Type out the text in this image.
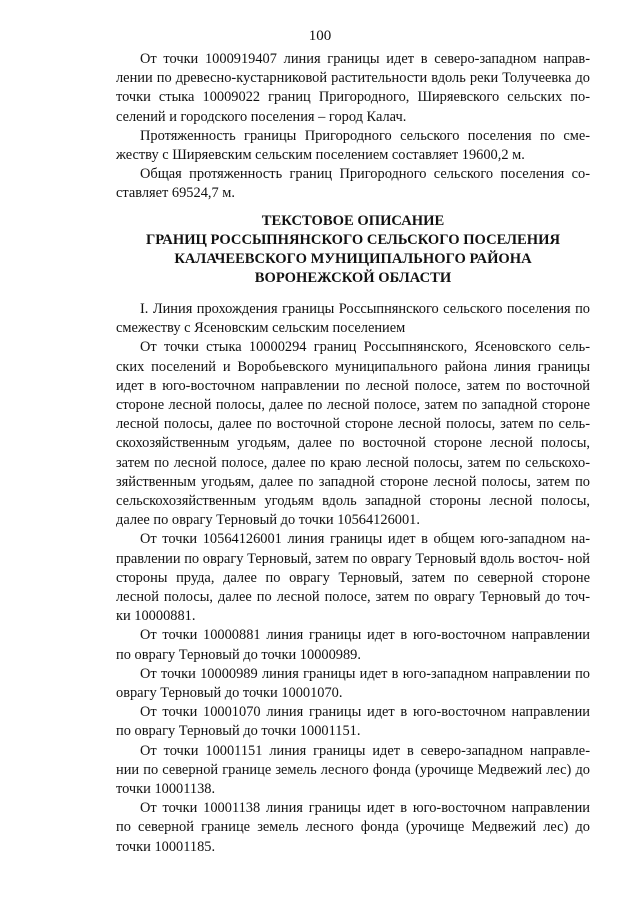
100

От точки 1000919407 линия границы идет в северо-западном направ- лении по древесно-кустарниковой растительности вдоль реки Толучеевка до точки стыка 10009022 границ Пригородного, Ширяевского сельских по- селений и городского поселения – город Калач.

Протяженность границы Пригородного сельского поселения по сме- жеству с Ширяевским сельским поселением составляет 19600,2 м.

Общая протяженность границ Пригородного сельского поселения со- ставляет 69524,7 м.

ТЕКСТОВОЕ ОПИСАНИЕ
ГРАНИЦ РОССЫПНЯНСКОГО СЕЛЬСКОГО ПОСЕЛЕНИЯ
КАЛАЧЕЕВСКОГО МУНИЦИПАЛЬНОГО РАЙОНА
ВОРОНЕЖСКОЙ ОБЛАСТИ

I. Линия прохождения границы Россыпнянского сельского поселения по смежеству с Ясеновским сельским поселением

От точки стыка 10000294 границ Россыпнянского, Ясеновского сель- ских поселений и Воробьевского муниципального района линия границы идет в юго-восточном направлении по лесной полосе, затем по восточной стороне лесной полосы, далее по лесной полосе, затем по западной стороне лесной полосы, далее по восточной стороне лесной полосы, затем по сель- скохозяйственным угодьям, далее по восточной стороне лесной полосы, затем по лесной полосе, далее по краю лесной полосы, затем по сельскохо- зяйственным угодьям, далее по западной стороне лесной полосы, затем по сельскохозяйственным угодьям вдоль западной стороны лесной полосы, далее по оврагу Терновый до точки 10564126001.

От точки 10564126001 линия границы идет в общем юго-западном на- правлении по оврагу Терновый, затем по оврагу Терновый вдоль восточ- ной стороны пруда, далее по оврагу Терновый, затем по северной стороне лесной полосы, далее по лесной полосе, затем по оврагу Терновый до точ- ки 10000881.

От точки 10000881 линия границы идет в юго-восточном направлении по оврагу Терновый до точки 10000989.

От точки 10000989 линия границы идет в юго-западном направлении по оврагу Терновый до точки 10001070.

От точки 10001070 линия границы идет в юго-восточном направлении по оврагу Терновый до точки 10001151.

От точки 10001151 линия границы идет в северо-западном направле- нии по северной границе земель лесного фонда (урочище Медвежий лес) до точки 10001138.

От точки 10001138 линия границы идет в юго-восточном направлении по северной границе земель лесного фонда (урочище Медвежий лес) до точки 10001185.
